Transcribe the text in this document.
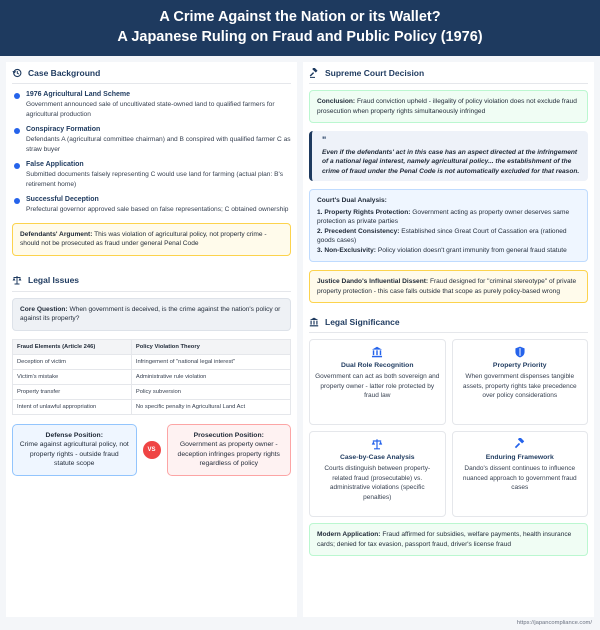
A Crime Against the Nation or its Wallet?
A Japanese Ruling on Fraud and Public Policy (1976)
Case Background
1976 Agricultural Land Scheme
Government announced sale of uncultivated state-owned land to qualified farmers for agricultural production
Conspiracy Formation
Defendants A (agricultural committee chairman) and B conspired with qualified farmer C as straw buyer
False Application
Submitted documents falsely representing C would use land for farming (actual plan: B's retirement home)
Successful Deception
Prefectural governor approved sale based on false representations; C obtained ownership
Defendants' Argument: This was violation of agricultural policy, not property crime - should not be prosecuted as fraud under general Penal Code
Legal Issues
Core Question: When government is deceived, is the crime against the nation's policy or against its property?
Fraud Elements (Article 246)	Policy Violation Theory
Deception of victim	Infringement of "national legal interest"
Victim's mistake	Administrative rule violation
Property transfer	Policy subversion
Intent of unlawful appropriation	No specific penalty in Agricultural Land Act
Defense Position:
Crime against agricultural policy, not property rights - outside fraud statute scope
VS
Prosecution Position:
Government as property owner - deception infringes property rights regardless of policy
Supreme Court Decision
Conclusion: Fraud conviction upheld - illegality of policy violation does not exclude fraud prosecution when property rights simultaneously infringed
"
Even if the defendants' act in this case has an aspect directed at the infringement of a national legal interest, namely agricultural policy... the establishment of the crime of fraud under the Penal Code is not automatically excluded for that reason.
Court's Dual Analysis:
1. Property Rights Protection: Government acting as property owner deserves same protection as private parties
2. Precedent Consistency: Established since Great Court of Cassation era (rationed goods cases)
3. Non-Exclusivity: Policy violation doesn't grant immunity from general fraud statute
Justice Dando's Influential Dissent: Fraud designed for "criminal stereotype" of private property protection - this case falls outside that scope as purely policy-based wrong
Legal Significance
Dual Role Recognition
Government can act as both sovereign and property owner - latter role protected by fraud law
Property Priority
When government dispenses tangible assets, property rights take precedence over policy considerations
Case-by-Case Analysis
Courts distinguish between property-related fraud (prosecutable) vs. administrative violations (specific penalties)
Enduring Framework
Dando's dissent continues to influence nuanced approach to government fraud cases
Modern Application: Fraud affirmed for subsidies, welfare payments, health insurance cards; denied for tax evasion, passport fraud, driver's license fraud
https://japancompliance.com/
